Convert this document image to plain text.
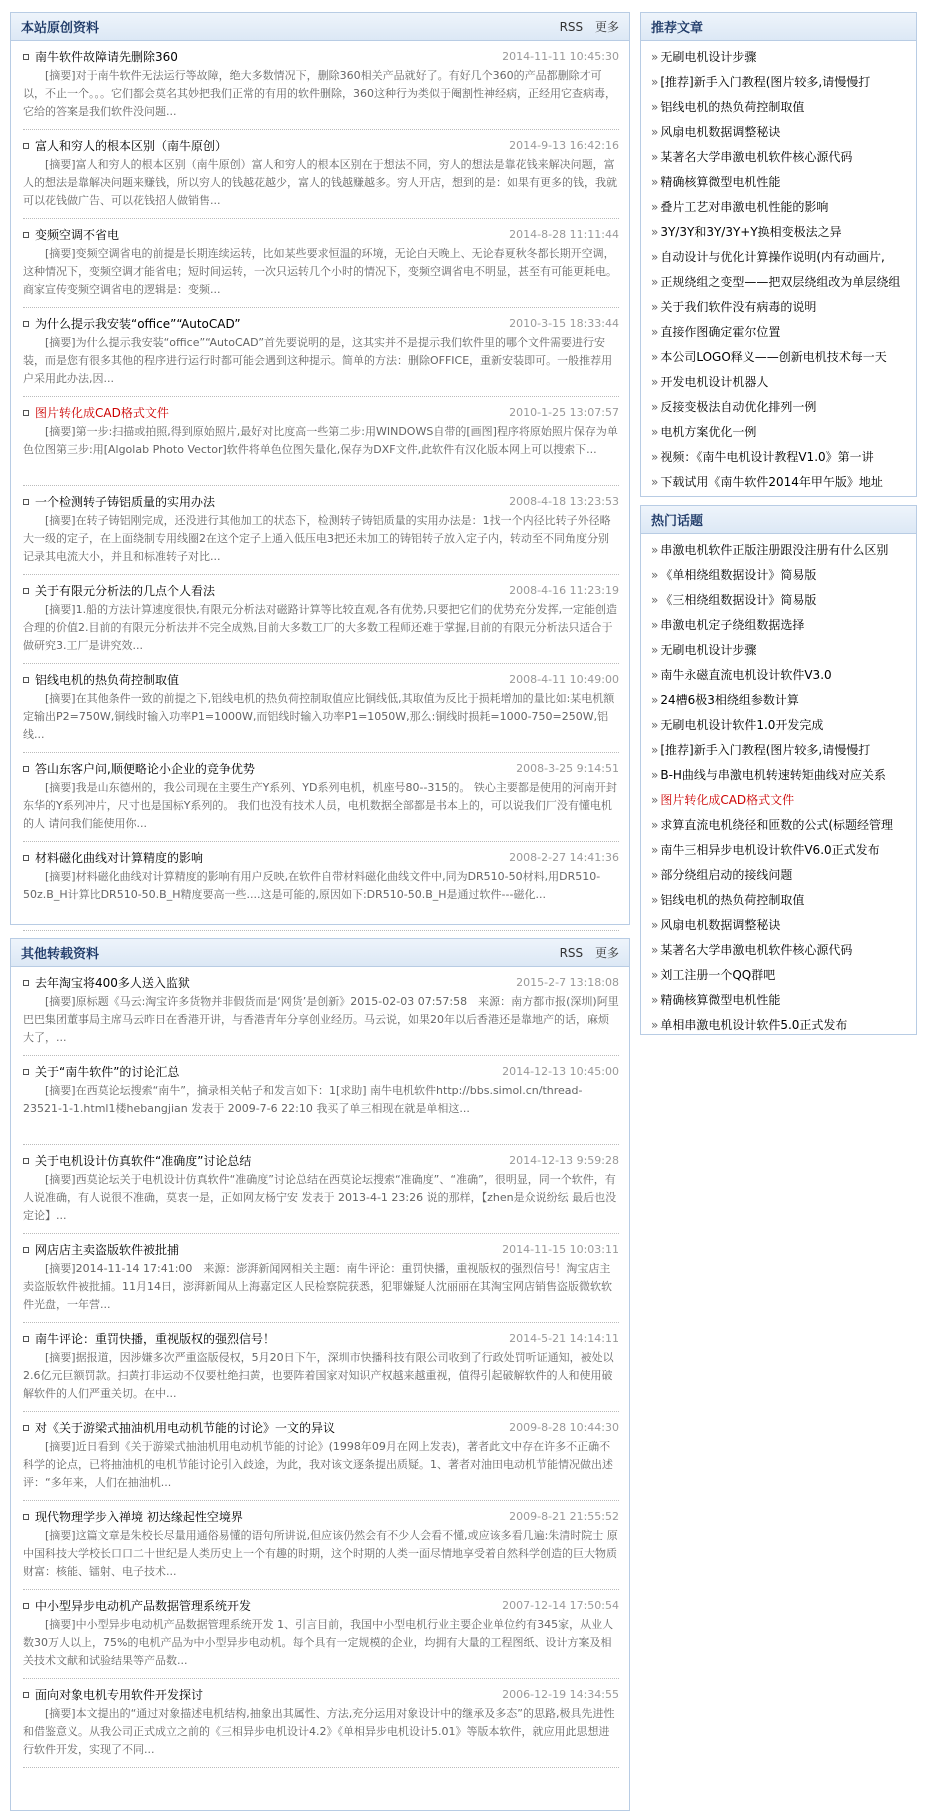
本站原创资料	RSS 更多
南牛软件故障请先删除360	2014-11-11 10:45:30
[摘要]对于南牛软件无法运行等故障，绝大多数情况下，删除360相关产品就好了。有好几个360的产品都删除才可以，不止一个。。。它们都会莫名其妙把我们正常的有用的软件删除，360这种行为类似于阉割性神经病，正经用它查病毒，它给的答案是我们软件没问题...
富人和穷人的根本区别（南牛原创）	2014-9-13 16:42:16
[摘要]富人和穷人的根本区别（南牛原创）富人和穷人的根本区别在于想法不同，穷人的想法是靠花钱来解决问题，富人的想法是靠解决问题来赚钱，所以穷人的钱越花越少，富人的钱越赚越多。穷人开店，想到的是：如果有更多的钱，我就可以花钱做广告、可以花钱招人做销售...
变频空调不省电	2014-8-28 11:11:44
[摘要]变频空调省电的前提是长期连续运转，比如某些要求恒温的环境，无论白天晚上、无论春夏秋冬都长期开空调，这种情况下，变频空调才能省电；短时间运转，一次只运转几个小时的情况下，变频空调省电不明显，甚至有可能更耗电。商家宣传变频空调省电的逻辑是：变频...
为什么提示我安装“office”“AutoCAD”	2010-3-15 18:33:44
[摘要]为什么提示我安装“office”“AutoCAD”首先要说明的是，这其实并不是提示我们软件里的哪个文件需要进行安装，而是您有很多其他的程序进行运行时都可能会遇到这种提示。简单的方法：删除OFFICE，重新安装即可。一般推荐用户采用此办法,因...
图片转化成CAD格式文件	2010-1-25 13:07:57
[摘要]第一步:扫描或拍照,得到原始照片,最好对比度高一些第二步:用WINDOWS自带的[画图]程序将原始照片保存为单色位图第三步:用[Algolab Photo Vector]软件将单色位图矢量化,保存为DXF文件,此软件有汉化版本网上可以搜索下...
一个检测转子铸铝质量的实用办法	2008-4-18 13:23:53
[摘要]在转子铸铝刚完成，还没进行其他加工的状态下，检测转子铸铝质量的实用办法是：1找一个内径比转子外径略大一级的定子，在上面绕制专用线圈2在这个定子上通入低压电3把还未加工的铸铝转子放入定子内，转动至不同角度分别记录其电流大小，并且和标准转子对比...
关于有限元分析法的几点个人看法	2008-4-16 11:23:19
[摘要]1.船的方法计算速度很快,有限元分析法对磁路计算等比较直观,各有优势,只要把它们的优势充分发挥,一定能创造合理的价值2.目前的有限元分析法并不完全成熟,目前大多数工厂的大多数工程师还难于掌握,目前的有限元分析法只适合于做研究3.工厂是讲究效...
铝线电机的热负荷控制取值	2008-4-11 10:49:00
[摘要]在其他条件一致的前提之下,铝线电机的热负荷控制取值应比铜线低,其取值为反比于损耗增加的量比如:某电机额定输出P2=750W,铜线时输入功率P1=1000W,而铝线时输入功率P1=1050W,那么:铜线时损耗=1000-750=250W,铝线...
答山东客户问,顺便略论小企业的竞争优势	2008-3-25 9:14:51
[摘要]我是山东德州的，我公司现在主要生产Y系列、YD系列电机，机座号80--315的。 铁心主要都是使用的河南开封东华的Y系列冲片，尺寸也是国标Y系列的。 我们也没有技术人员，电机数据全部都是书本上的，可以说我们厂没有懂电机的人 请问我们能使用你...
材料磁化曲线对计算精度的影响	2008-2-27 14:41:36
[摘要]材料磁化曲线对计算精度的影响有用户反映,在软件自带材料磁化曲线文件中,同为DR510-50材料,用DR510-50z.B_H计算比DR510-50.B_H精度要高一些....这是可能的,原因如下:DR510-50.B_H是通过软件---磁化...
其他转载资料	RSS 更多
去年淘宝将400多人送入监狱	2015-2-7 13:18:08
[摘要]原标题《马云:淘宝许多货物并非假货而是‘网货’是创新》2015-02-03 07:57:58　来源：南方都市报(深圳)阿里巴巴集团董事局主席马云昨日在香港开讲，与香港青年分享创业经历。马云说，如果20年以后香港还是靠地产的话，麻烦大了，...
关于“南牛软件”的讨论汇总	2014-12-13 10:45:00
[摘要]在西莫论坛搜索“南牛”，摘录相关帖子和发言如下：1[求助] 南牛电机软件http://bbs.simol.cn/thread-23521-1-1.html1楼hebangjian 发表于 2009-7-6 22:10 我买了单三相现在就是单相这...
关于电机设计仿真软件“准确度”讨论总结	2014-12-13 9:59:28
[摘要]西莫论坛关于电机设计仿真软件“准确度”讨论总结在西莫论坛搜索“准确度”、“准确”，很明显，同一个软件，有人说准确，有人说很不准确，莫衷一是，正如网友杨宁安 发表于 2013-4-1 23:26 说的那样，【zhen是众说纷纭 最后也没定论】...
网店店主卖盗版软件被批捕	2014-11-15 10:03:11
[摘要]2014-11-14 17:41:00　来源：澎湃新闻网相关主题：南牛评论：重罚快播，重视版权的强烈信号！淘宝店主卖盗版软件被批捕。11月14日，澎湃新闻从上海嘉定区人民检察院获悉，犯罪嫌疑人沈丽丽在其淘宝网店销售盗版微软软件光盘，一年营...
南牛评论：重罚快播，重视版权的强烈信号！	2014-5-21 14:14:11
[摘要]据报道，因涉嫌多次严重盗版侵权，5月20日下午，深圳市快播科技有限公司收到了行政处罚听证通知，被处以2.6亿元巨额罚款。扫黄打非运动不仅要杜绝扫黄，也要阵着国家对知识产权越来越重视，值得引起破解软件的人和使用破解软件的人们严重关切。在中...
对《关于游梁式抽油机用电动机节能的讨论》一文的异议	2009-8-28 10:44:30
[摘要]近日看到《关于游梁式抽油机用电动机节能的讨论》(1998年09月在网上发表)，著者此文中存在许多不正确不科学的论点，已将抽油机的电机节能讨论引入歧途，为此，我对该文逐条提出质疑。1、著者对油田电动机节能情况做出述评：“多年来，人们在抽油机...
现代物理学步入禅境 初达缘起性空境界	2009-8-21 21:55:52
[摘要]这篇文章是朱校长尽量用通俗易懂的语句所讲说,但应该仍然会有不少人会看不懂,或应该多看几遍:朱清时院士 原中国科技大学校长口口二十世纪是人类历史上一个有趣的时期，这个时期的人类一面尽情地享受着自然科学创造的巨大物质财富：核能、镭射、电子技术...
中小型异步电动机产品数据管理系统开发	2007-12-14 17:50:54
[摘要]中小型异步电动机产品数据管理系统开发 1、引言目前，我国中小型电机行业主要企业单位约有345家，从业人数30万人以上，75%的电机产品为中小型异步电动机。每个具有一定规模的企业，均拥有大量的工程图纸、设计方案及相关技术文献和试验结果等产品数...
面向对象电机专用软件开发探讨	2006-12-19 14:34:55
[摘要]本文提出的“通过对象描述电机结构,抽象出其属性、方法,充分运用对象设计中的继承及多态”的思路,极具先进性和借鉴意义。从我公司正式成立之前的《三相异步电机设计4.2》《单相异步电机设计5.01》等版本软件，就应用此思想进行软件开发，实现了不同...
推荐文章
» 无刷电机设计步骤
» [推荐]新手入门教程(图片较多,请慢慢打
» 铝线电机的热负荷控制取值
» 风扇电机数据调整秘诀
» 某著名大学串激电机软件核心源代码
» 精确核算微型电机性能
» 叠片工艺对串激电机性能的影响
» 3Y/3Y和3Y/3Y+Y换相变极法之异
» 自动设计与优化计算操作说明(内有动画片,
» 正规绕组之变型——把双层绕组改为单层绕组
» 关于我们软件没有病毒的说明
» 直接作图确定霍尔位置
» 本公司LOGO释义——创新电机技术每一天
» 开发电机设计机器人
» 反接变极法自动优化排列一例
» 电机方案优化一例
» 视频：《南牛电机设计教程V1.0》第一讲
» 下载试用《南牛软件2014年甲午版》地址
热门话题
» 串激电机软件正版注册跟没注册有什么区别
» 《单相绕组数据设计》简易版
» 《三相绕组数据设计》简易版
» 串激电机定子绕组数据选择
» 无刷电机设计步骤
» 南牛永磁直流电机设计软件V3.0
» 24槽6极3相绕组参数计算
» 无刷电机设计软件1.0开发完成
» [推荐]新手入门教程(图片较多,请慢慢打
» B-H曲线与串激电机转速转矩曲线对应关系
» 图片转化成CAD格式文件
» 求算直流电机绕径和匝数的公式(标题经管理
» 南牛三相异步电机设计软件V6.0正式发布
» 部分绕组启动的接线问题
» 铝线电机的热负荷控制取值
» 风扇电机数据调整秘诀
» 某著名大学串激电机软件核心源代码
» 刘工注册一个QQ群吧
» 精确核算微型电机性能
» 单相串激电机设计软件5.0正式发布
